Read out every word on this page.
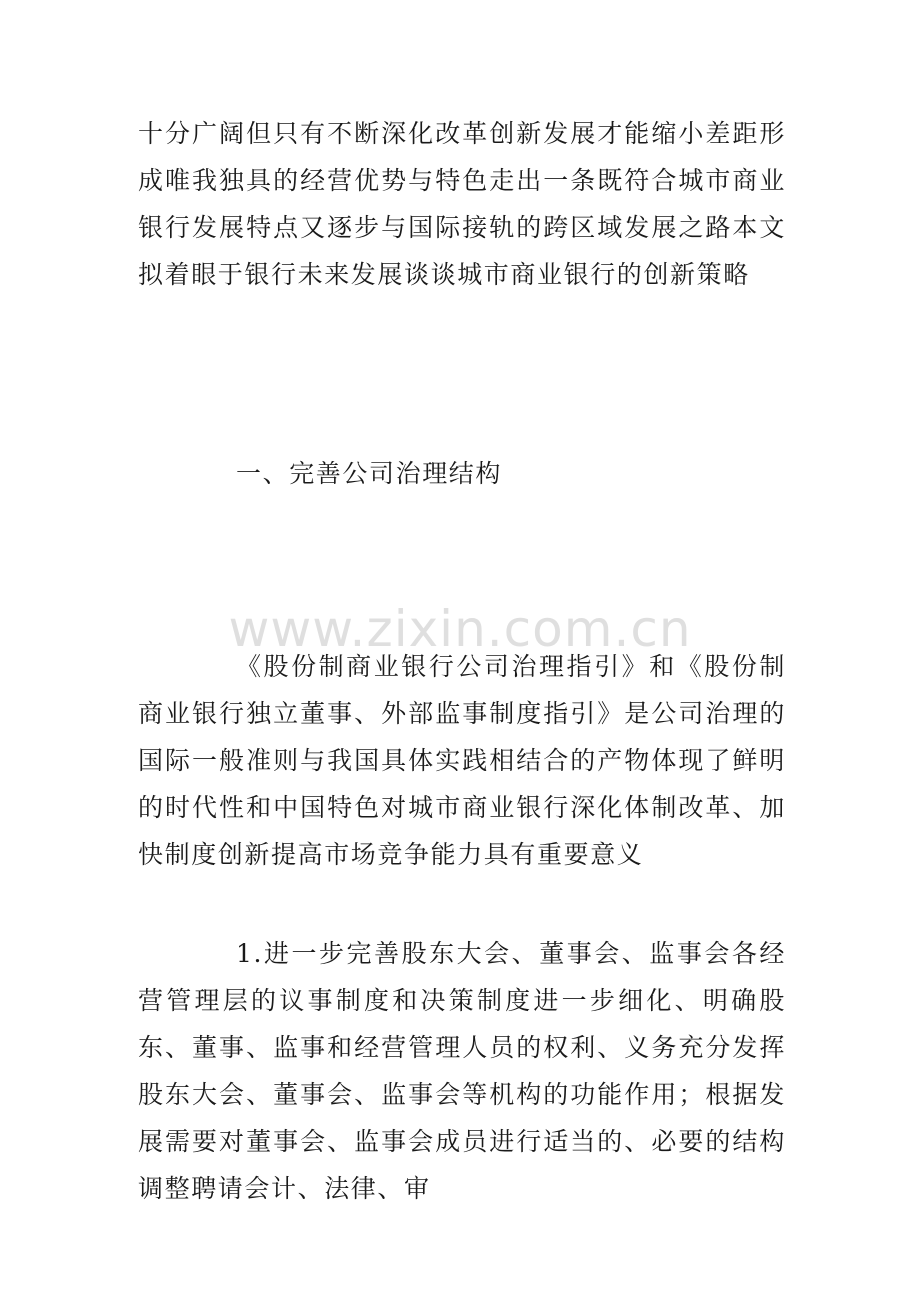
十分广阔但只有不断深化改革创新发展才能缩小差距形成唯我独具的经营优势与特色走出一条既符合城市商业银行发展特点又逐步与国际接轨的跨区域发展之路本文拟着眼于银行未来发展谈谈城市商业银行的创新策略

一、完善公司治理结构

www.zixin.com.cn

《股份制商业银行公司治理指引》和《股份制商业银行独立董事、外部监事制度指引》是公司治理的国际一般准则与我国具体实践相结合的产物体现了鲜明的时代性和中国特色对城市商业银行深化体制改革、加快制度创新提高市场竞争能力具有重要意义

1.进一步完善股东大会、董事会、监事会各经营管理层的议事制度和决策制度进一步细化、明确股东、董事、监事和经营管理人员的权利、义务充分发挥股东大会、董事会、监事会等机构的功能作用；根据发展需要对董事会、监事会成员进行适当的、必要的结构调整聘请会计、法律、审
